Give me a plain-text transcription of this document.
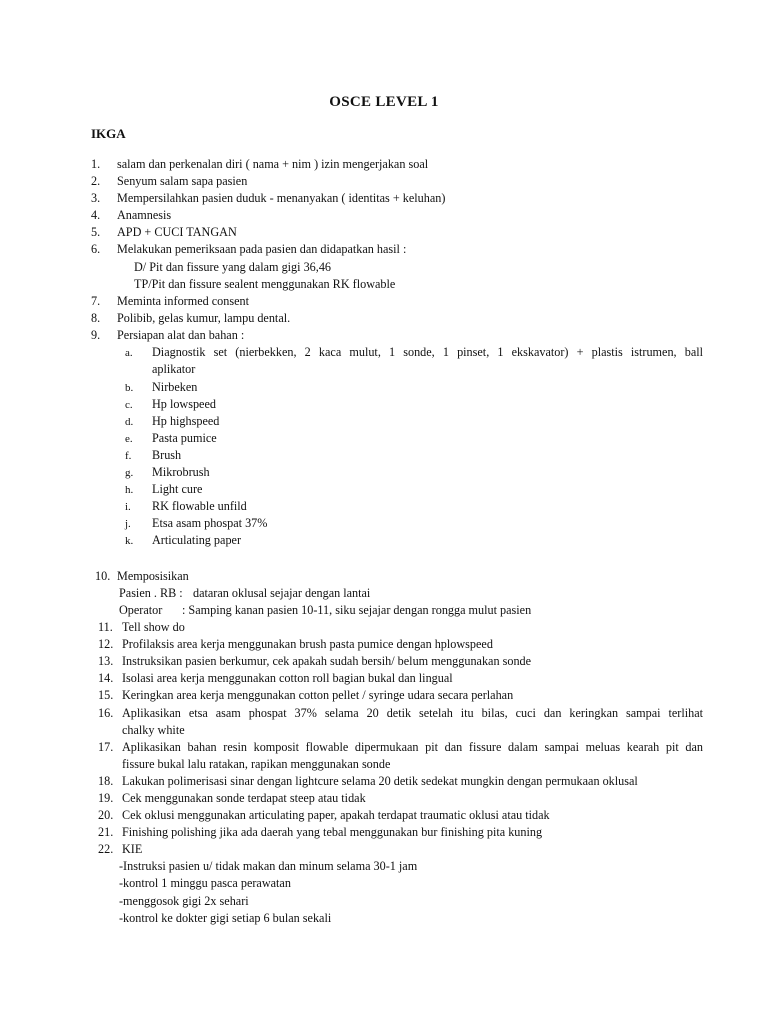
OSCE LEVEL 1
IKGA
1. salam dan perkenalan diri ( nama + nim ) izin mengerjakan soal
2. Senyum salam sapa pasien
3. Mempersilahkan pasien duduk - menanyakan ( identitas + keluhan)
4. Anamnesis
5. APD + CUCI TANGAN
6. Melakukan pemeriksaan pada pasien dan didapatkan hasil :
D/ Pit dan fissure yang dalam gigi 36,46
TP/Pit dan fissure sealent menggunakan RK flowable
7. Meminta informed consent
8. Polibib, gelas kumur, lampu dental.
9. Persiapan alat dan bahan :
a. Diagnostik set (nierbekken, 2 kaca mulut, 1 sonde, 1 pinset, 1 ekskavator) + plastis istrumen, ball
aplikator
b. Nirbeken
c. Hp lowspeed
d. Hp highspeed
e. Pasta pumice
f. Brush
g. Mikrobrush
h. Light cure
i. RK flowable unfild
j. Etsa asam phospat 37%
k. Articulating paper
10. Memposisikan
Pasien . RB : dataran oklusal sejajar dengan lantai
Operator : Samping kanan pasien 10-11, siku sejajar dengan rongga mulut pasien
11. Tell show do
12. Profilaksis area kerja menggunakan brush pasta pumice dengan hplowspeed
13. Instruksikan pasien berkumur, cek apakah sudah bersih/ belum menggunakan sonde
14. Isolasi area kerja menggunakan cotton roll bagian bukal dan lingual
15. Keringkan area kerja menggunakan cotton pellet / syringe udara secara perlahan
16. Aplikasikan etsa asam phospat 37% selama 20 detik setelah itu bilas, cuci dan keringkan sampai terlihat
chalky white
17. Aplikasikan bahan resin komposit flowable dipermukaan pit dan fissure dalam sampai meluas kearah pit dan
fissure bukal lalu ratakan, rapikan menggunakan sonde
18. Lakukan polimerisasi sinar dengan lightcure selama 20 detik sedekat mungkin dengan permukaan oklusal
19. Cek menggunakan sonde terdapat steep atau tidak
20. Cek oklusi menggunakan articulating paper, apakah terdapat traumatic oklusi atau tidak
21. Finishing polishing jika ada daerah yang tebal menggunakan bur finishing pita kuning
22. KIE
-Instruksi pasien u/ tidak makan dan minum selama 30-1 jam
-kontrol 1 minggu pasca perawatan
-menggosok gigi 2x sehari
-kontrol ke dokter gigi setiap 6 bulan sekali
